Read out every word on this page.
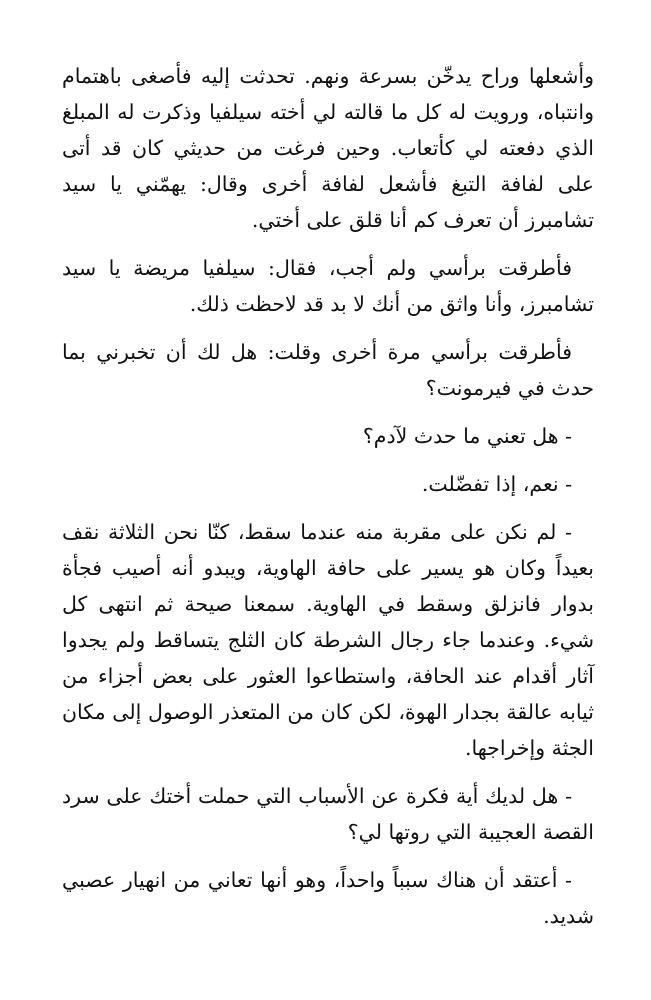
وأشعلها وراح يدخّن بسرعة ونهم. تحدثت إليه فأصغى باهتمام وانتباه، ورويت له كل ما قالته لي أخته سيلفيا وذكرت له المبلغ الذي دفعته لي كأتعاب. وحين فرغت من حديثي كان قد أتى على لفافة التبغ فأشعل لفافة أخرى وقال: يهمّني يا سيد تشامبرز أن تعرف كم أنا قلق على أختي.

فأطرقت برأسي ولم أجب، فقال: سيلفيا مريضة يا سيد تشامبرز، وأنا واثق من أنك لا بد قد لاحظت ذلك.

فأطرقت برأسي مرة أخرى وقلت: هل لك أن تخبرني بما حدث في فيرمونت؟

- هل تعني ما حدث لآدم؟

- نعم، إذا تفضّلت.

- لم نكن على مقربة منه عندما سقط، كنّا نحن الثلاثة نقف بعيداً وكان هو يسير على حافة الهاوية، ويبدو أنه أصيب فجأة بدوار فانزلق وسقط في الهاوية. سمعنا صيحة ثم انتهى كل شيء. وعندما جاء رجال الشرطة كان الثلج يتساقط ولم يجدوا آثار أقدام عند الحافة، واستطاعوا العثور على بعض أجزاء من ثيابه عالقة بجدار الهوة، لكن كان من المتعذر الوصول إلى مكان الجثة وإخراجها.

- هل لديك أية فكرة عن الأسباب التي حملت أختك على سرد القصة العجيبة التي روتها لي؟

- أعتقد أن هناك سبباً واحداً، وهو أنها تعاني من انهيار عصبي شديد.
